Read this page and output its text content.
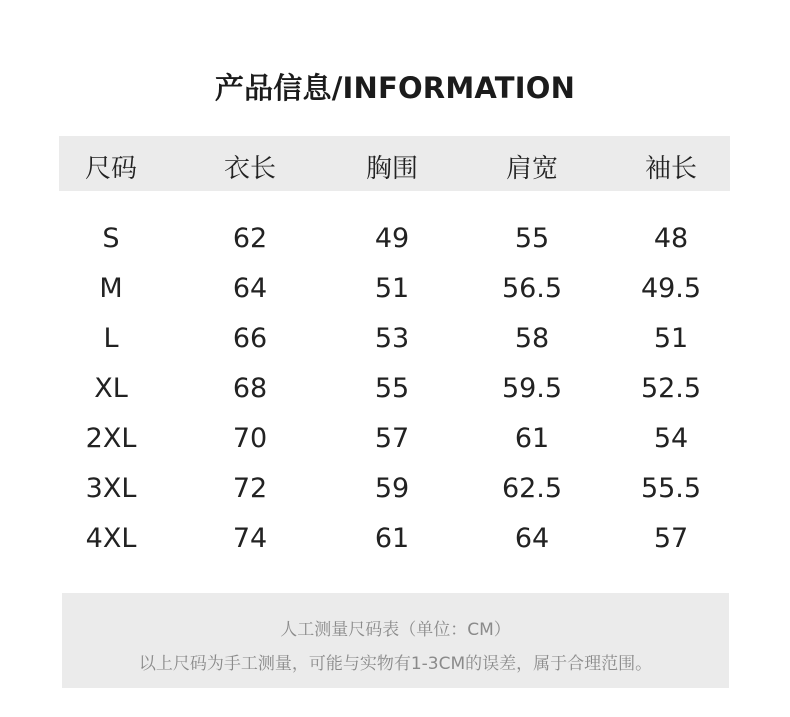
产品信息/INFORMATION
尺码	衣长	胸围	肩宽	袖长
S	62	49	55	48
M	64	51	56.5	49.5
L	66	53	58	51
XL	68	55	59.5	52.5
2XL	70	57	61	54
3XL	72	59	62.5	55.5
4XL	74	61	64	57
人工测量尺码表（单位：CM）
以上尺码为手工测量，可能与实物有1-3CM的误差，属于合理范围。
